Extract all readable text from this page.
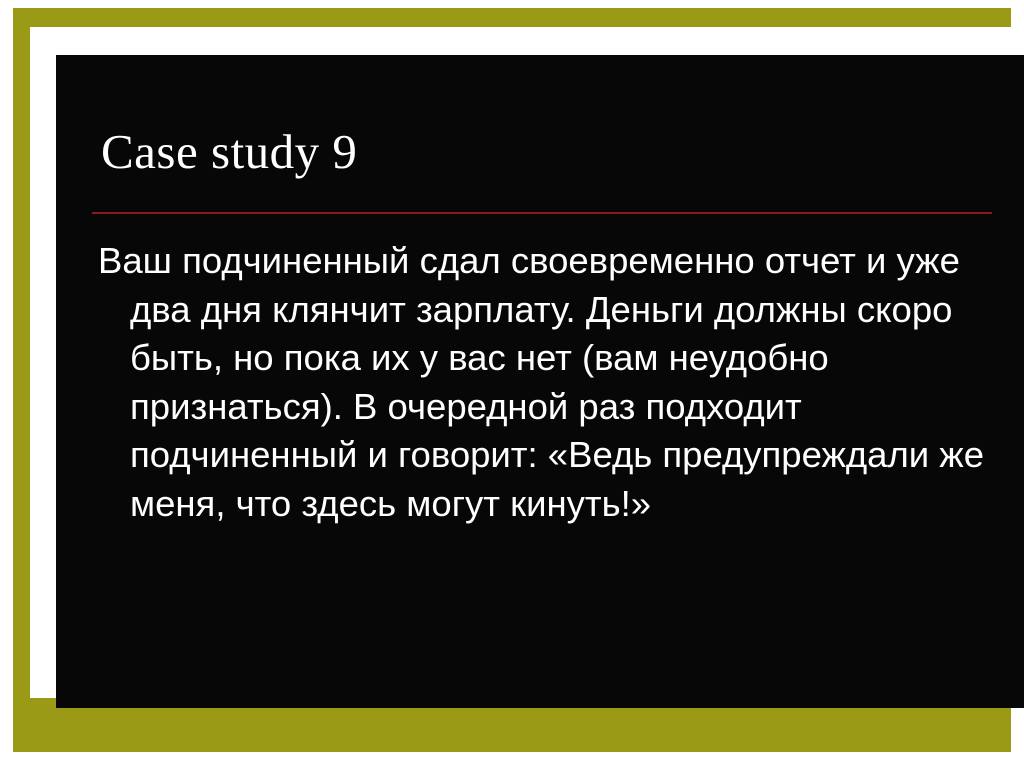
Case study 9
Ваш подчиненный сдал своевременно отчет и уже два дня клянчит зарплату. Деньги должны скоро быть, но пока их у вас нет (вам неудобно признаться). В очередной раз подходит подчиненный и говорит: «Ведь предупреждали же меня, что здесь могут кинуть!»
